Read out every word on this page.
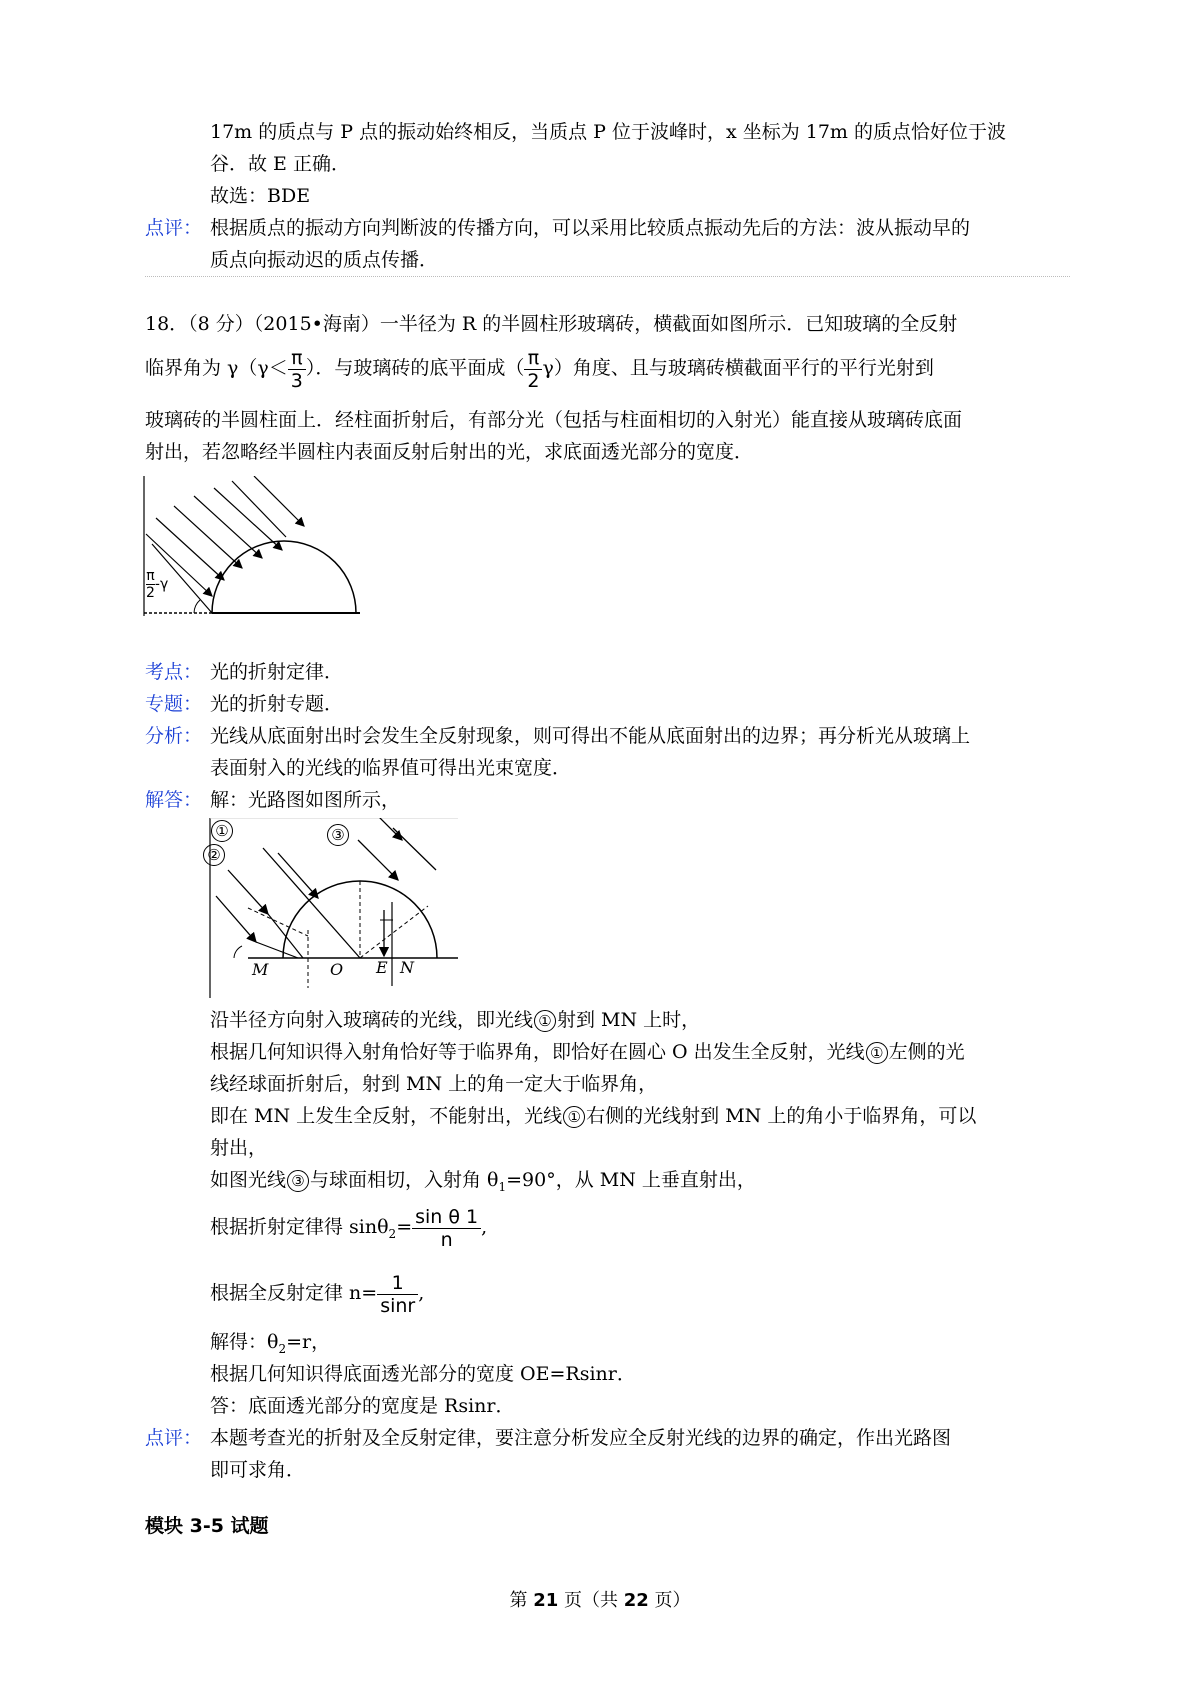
17m 的质点与 P 点的振动始终相反，当质点 P 位于波峰时，x 坐标为 17m 的质点恰好位于波
谷．故 E 正确．
故选：BDE
点评： 根据质点的振动方向判断波的传播方向，可以采用比较质点振动先后的方法：波从振动早的
质点向振动迟的质点传播．
18．（8 分）（2015•海南）一半径为 R 的半圆柱形玻璃砖，横截面如图所示．已知玻璃的全反射
临界角为 $\gamma(\gamma< \frac{\pi}{3}$ ）．与玻璃砖的底平面成（ $\frac{\pi}{2} \gamma$）角度、且与玻璃砖横截面平行的平行光射到
玻璃砖的半圆柱面上．经柱面折射后，有部分光（包括与柱面相切的入射光）能直接从玻璃砖底面
射出，若忽略经半圆柱内表面反射后射出的光，求底面透光部分的宽度．
$\frac{\pi}{2} -\gamma$
考点： 光的折射定律．
专题： 光的折射专题．
分析： 光线从底面射出时会发生全反射现象，则可得出不能从底面射出的边界；再分析光从玻璃上
表面射入的光线的临界值可得出光束宽度．
解答： 解：光路图如图所示，
①
②
③
M	O E N
沿半径方向射入玻璃砖的光线，即光线 ① 射到 MN 上时，
根据几何知识得入射角恰好等于临界角，即恰好在圆心 O 出发生全反射，光线 ① 左侧的光
线经球面折射后，射到 MN 上的角一定大于临界角，
即在 MN 上发生全反射，不能射出，光线 ① 右侧的光线射到 MN 上的角小于临界角，可以
射出，
如图光线 ③ 与球面相切，入射角 $\theta_1=90^\circ$，从 MN 上垂直射出，
根据折射定律得 $\sin\theta_2= \frac{\text{sin θ 1}}{n}$ ,
根据全反射定律 $n= \frac{1}{\sin r}$ ,
解得：$\theta_2=r$，
根据几何知识得底面透光部分的宽度 OE=Rsinr．
答：底面透光部分的宽度是 Rsinr．
点评： 本题考查光的折射及全反射定律，要注意分析发应全反射光线的边界的确定，作出光路图
即可求角．
模块 3-5 试题
第 21 页（共 22 页）
